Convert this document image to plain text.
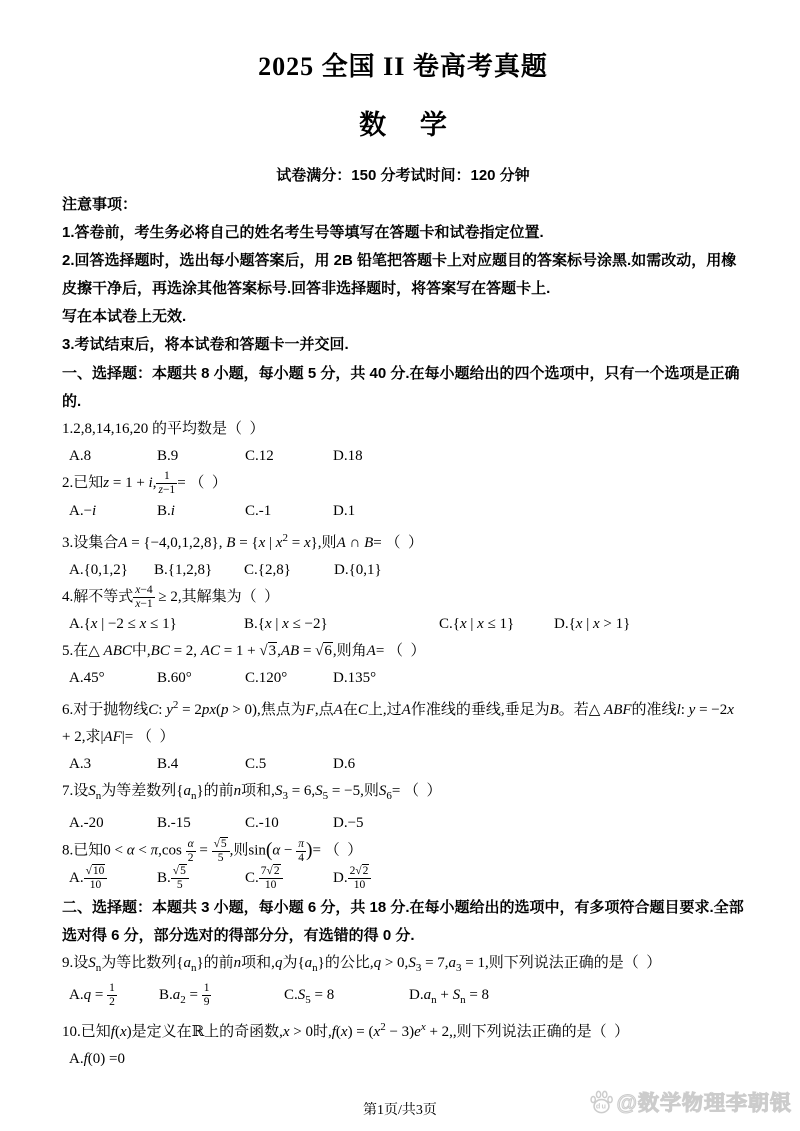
2025 全国 II 卷高考真题
数     学
试卷满分：150 分考试时间：120 分钟
注意事项：
1.答卷前，考生务必将自己的姓名考生号等填写在答题卡和试卷指定位置.
2.回答选择题时，选出每小题答案后，用 2B 铅笔把答题卡上对应题目的答案标号涂黑.如需改动，用橡皮擦干净后，再选涂其他答案标号.回答非选择题时，将答案写在答题卡上.
写在本试卷上无效.
3.考试结束后，将本试卷和答题卡一并交回.
一、选择题：本题共 8 小题，每小题 5 分，共 40 分.在每小题给出的四个选项中，只有一个选项是正确的.
1.2,8,14,16,20 的平均数是（  ）
A.8	B.9	C.12	D.18
2.已知z = 1 + i, $\frac{1}{z-1}$ = （  ）
A.−i	B.i	C.-1	D.1
3.设集合A = {−4,0,1,2,8}, B = {x | $x^2 = x$},则A ∩ B= （  ）
A.{0,1,2}	B.{1,2,8}	C.{2,8}	D.{0,1}
4.解不等式 $\frac{x-4}{x-1} \ge 2$,其解集为（  ）
A.{x | −2 ≤ x ≤ 1}	B.{x | x ≤ −2}	C.{x | x ≤ 1}	D.{x | x > 1}
5.在△ ABC中,BC = 2, AC = 1 + √ 3,AB = √ 6,则角A= （  ）
A.45°	B.60°	C.120°	D.135°
6.对于抛物线C: $y^2 = 2px(p > 0)$,焦点为F,点A在C上,过A作准线的垂线,垂足为B。若△ ABF的准线l: y = −2x + 2,求|AF|= （  ）
A.3	B.4	C.5	D.6
7.设$S_n$为等差数列$\{a_n\}$的前n项和$,S_3 = 6,S_5 = -5$,则$S_6=$ （  ）
A.-20	B.-15	C.-10	D.−5
8.已知$0 < \alpha < \pi,\cos \frac{\alpha}{2}$ = √ $\frac{5}{5}$ ,则$\sin(\alpha - \frac{\pi}{4}$ )= （  ）
A. √ $\frac{10}{10}$	B. √ $\frac{5}{5}$	C. $\frac{7 √ 2}{10}$	D. $\frac{2 √ 2}{10}$
二、选择题：本题共 3 小题，每小题 6 分，共 18 分.在每小题给出的选项中，有多项符合题目要求.全部选对得 6 分，部分选对的得部分分，有选错的得 0 分.
9.设$S_n$为等比数列$\{a_n\}$的前n项和,q为$\{a_n\}$的公比$,q > 0,S_3 = 7,a_3 = 1$,则下列说法正确的是（  ）
$A.q = \frac{1}{2}$	$B.a_2 = \frac{1}{9}$	$C.S_5 = 8$	$D.a_n + S_n = 8$
10.已知f(x)是定义在ℝ上的奇函数,x > 0时$,f(x) = (x^2 - 3)e^x + 2$,,则下列说法正确的是（  ）
A.f(0) =0
第1页/共3页	du @数学物理李朝银
